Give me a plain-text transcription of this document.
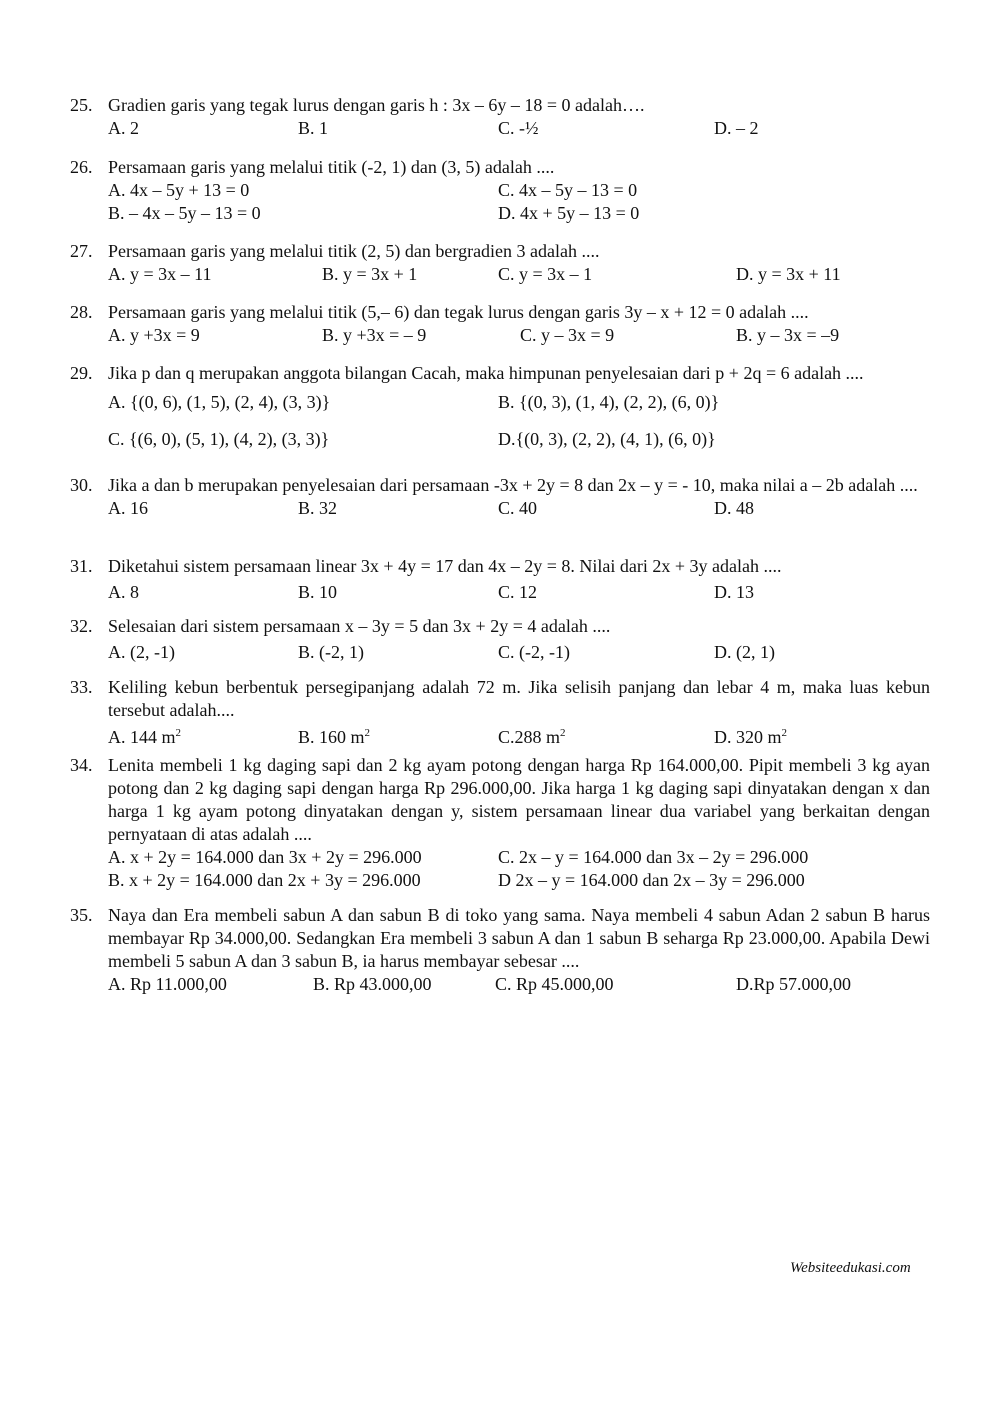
25. Gradien garis yang tegak lurus dengan garis h : 3x – 6y – 18 = 0 adalah….
A. 2	B. 1	C. -½	D. – 2
26. Persamaan garis yang melalui titik (-2, 1) dan (3, 5) adalah ....
A. 4x – 5y + 13 = 0	C. 4x – 5y – 13 = 0
B. – 4x – 5y – 13 = 0	D. 4x + 5y – 13 = 0
27. Persamaan garis yang melalui titik (2, 5) dan bergradien 3 adalah ....
A. y = 3x – 11	B. y = 3x + 1	C. y = 3x – 1	D. y = 3x + 11
28. Persamaan garis yang melalui titik (5,– 6) dan tegak lurus dengan garis 3y – x + 12 = 0 adalah ....
A. y +3x = 9	B. y +3x = – 9	C. y – 3x = 9	B. y – 3x = –9
29. Jika p dan q merupakan anggota bilangan Cacah, maka himpunan penyelesaian dari p + 2q = 6 adalah ....
A. {(0, 6), (1, 5), (2, 4), (3, 3)}	B. {(0, 3), (1, 4), (2, 2), (6, 0)}
C. {(6, 0), (5, 1), (4, 2), (3, 3)}	D.{(0, 3), (2, 2), (4, 1), (6, 0)}
30. Jika a dan b merupakan penyelesaian dari persamaan -3x + 2y = 8 dan 2x – y = - 10, maka nilai a – 2b adalah ....
A. 16	B. 32	C. 40	D. 48
31. Diketahui sistem persamaan linear 3x + 4y = 17 dan 4x – 2y = 8. Nilai dari 2x + 3y adalah ....
A. 8	B. 10	C. 12	D. 13
32. Selesaian dari sistem persamaan x – 3y = 5 dan 3x + 2y = 4 adalah ....
A. (2, -1)	B. (-2, 1)	C. (-2, -1)	D. (2, 1)
33. Keliling kebun berbentuk persegipanjang adalah 72 m. Jika selisih panjang dan lebar 4 m, maka luas kebun tersebut adalah....
A. 144 $m^2$	B. 160 $m^2$	C.288 $m^2$	D. 320 $m^2$
34. Lenita membeli 1 kg daging sapi dan 2 kg ayam potong dengan harga Rp 164.000,00. Pipit membeli 3 kg ayan potong dan 2 kg daging sapi dengan harga Rp 296.000,00. Jika harga 1 kg daging sapi dinyatakan dengan x dan harga 1 kg ayam potong dinyatakan dengan y, sistem persamaan linear dua variabel yang berkaitan dengan pernyataan di atas adalah ....
A. x + 2y = 164.000 dan 3x + 2y = 296.000	C. 2x – y = 164.000 dan 3x – 2y = 296.000
B. x + 2y = 164.000 dan 2x + 3y = 296.000	D 2x – y = 164.000 dan 2x – 3y = 296.000
35. Naya dan Era membeli sabun A dan sabun B di toko yang sama. Naya membeli 4 sabun Adan 2 sabun B harus membayar Rp 34.000,00. Sedangkan Era membeli 3 sabun A dan 1 sabun B seharga Rp 23.000,00. Apabila Dewi membeli 5 sabun A dan 3 sabun B, ia harus membayar sebesar ....
A. Rp 11.000,00	B. Rp 43.000,00	C. Rp 45.000,00	D.Rp 57.000,00
Websiteedukasi.com
